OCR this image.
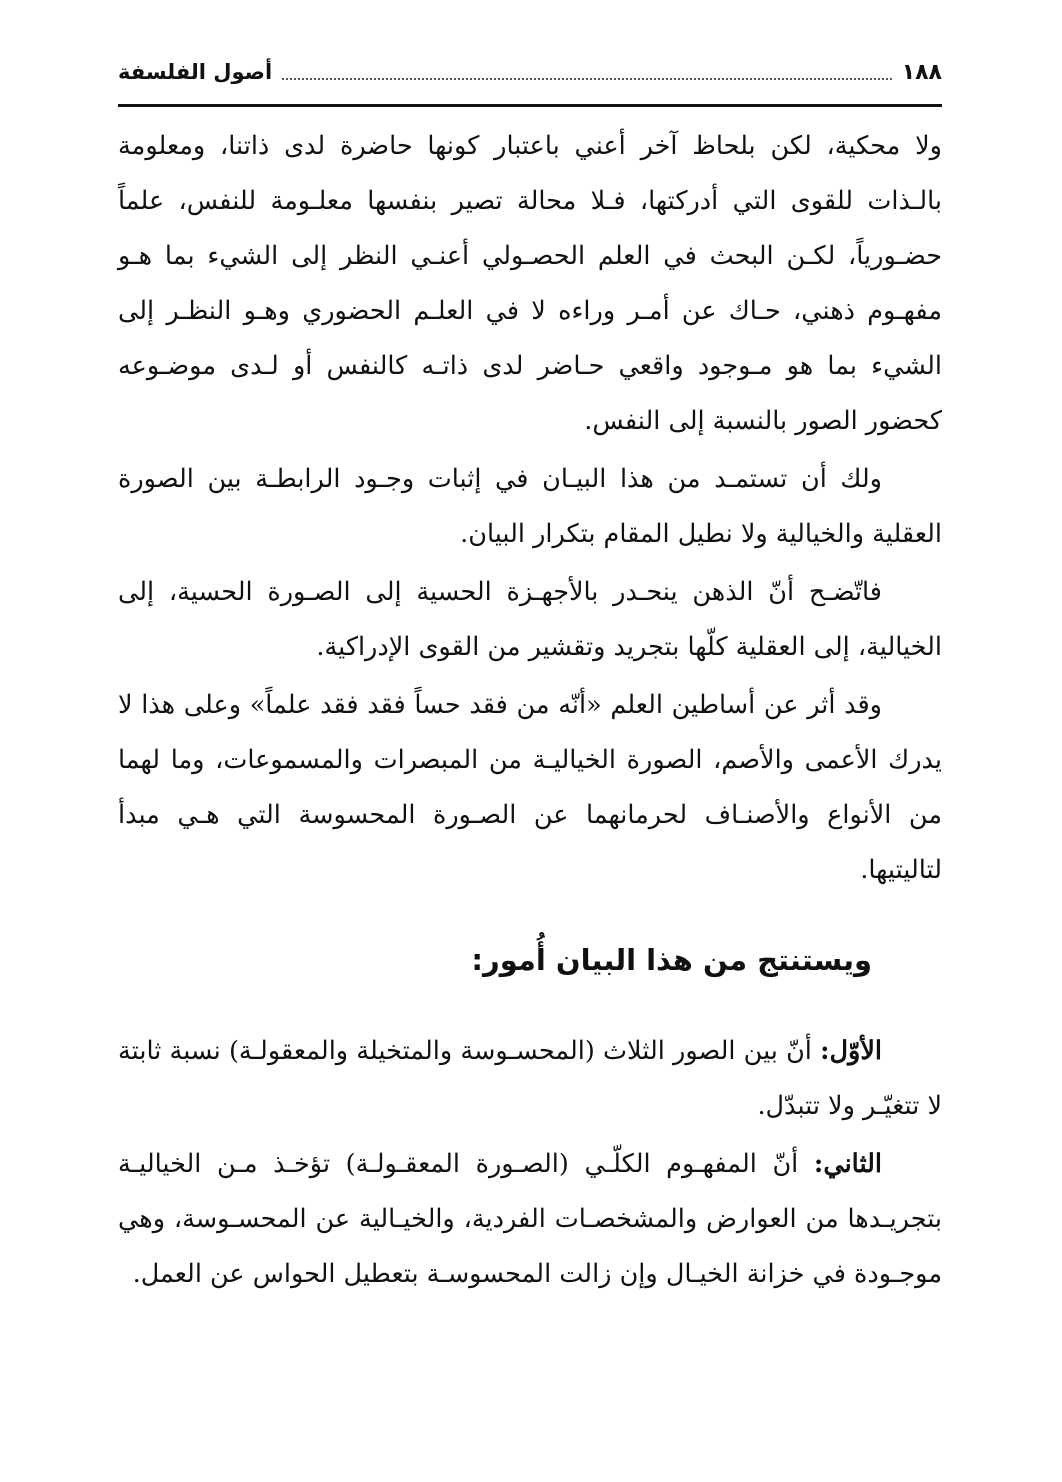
١٨٨
أصول الفلسفة

ولا محكية، لكن بلحاظ آخر أعني باعتبار كونها حاضرة لدى ذاتنا، ومعلومة بالـذات للقوى التي أدركتها، فـلا محالة تصير بنفسها معلـومة للنفس، علماً حضـورياً، لكـن البحث في العلم الحصـولي أعنـي النظر إلى الشيء بما هـو مفهـوم ذهني، حـاك عن أمـر وراءه لا في العلـم الحضوري وهـو النظـر إلى الشيء بما هو مـوجود واقعي حـاضر لدى ذاتـه كالنفس أو لـدى موضـوعه كحضور الصور بالنسبة إلى النفس.

ولك أن تستمـد من هذا البيـان في إثبات وجـود الرابطـة بين الصورة العقلية والخيالية ولا نطيل المقام بتكرار البيان.

فاتّضـح أنّ الذهن ينحـدر بالأجهـزة الحسية إلى الصـورة الحسية، إلى الخيالية، إلى العقلية كلّها بتجريد وتقشير من القوى الإدراكية.

وقد أثر عن أساطين العلم «أنّه من فقد حساً فقد فقد علماً» وعلى هذا لا يدرك الأعمى والأصم، الصورة الخياليـة من المبصرات والمسموعات، وما لهما من الأنواع والأصنـاف لحرمانهما عن الصـورة المحسوسة التي هـي مبدأ لتاليتيها.

ويستنتج من هذا البيان أُمور:

الأوّل: أنّ بين الصور الثلاث (المحسـوسة والمتخيلة والمعقولـة) نسبة ثابتة لا تتغيّـر ولا تتبدّل.

الثاني: أنّ المفهـوم الكلّـي (الصـورة المعقـولـة) تؤخـذ مـن الخياليـة بتجريـدها من العوارض والمشخصـات الفردية، والخيـالية عن المحسـوسة، وهي موجـودة في خزانة الخيـال وإن زالت المحسوسـة بتعطيل الحواس عن العمل.
